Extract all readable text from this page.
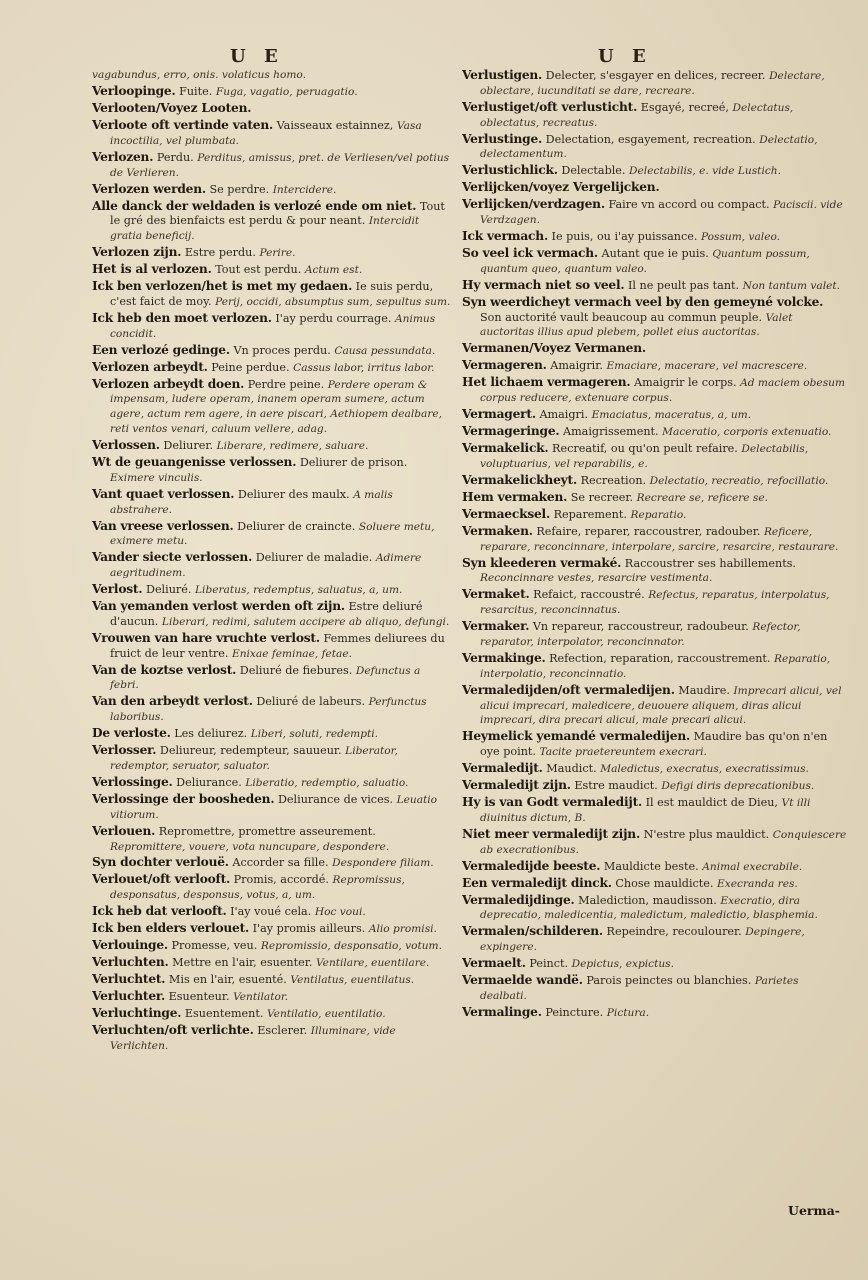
U E	U E

vagabundus, erro, onis. volaticus homo.

Verloopinge. Fuite. Fuga, vagatio, peruagatio.

Verlooten/Voyez Looten.

Verloote oft vertinde vaten. Vaisseaux estainnez, Vasa incoctilia, vel plumbata.

Verlozen. Perdu. Perditus, amissus, pret. de Verliesen/vel potius de Verlieren.

Verlozen werden. Se perdre. Intercidere.

Alle danck der weldaden is verlozé ende om niet. Tout le gré des bienfaicts est perdu & pour neant. Intercidit gratia beneficij.

Verlozen zijn. Estre perdu. Perire.

Het is al verlozen. Tout est perdu. Actum est.

Ick ben verlozen/het is met my gedaen. Ie suis perdu, c'est faict de moy. Perij, occidi, absumptus sum, sepultus sum.

Ick heb den moet verlozen. I'ay perdu courrage. Animus concidit.

Een verlozé gedinge. Vn proces perdu. Causa pessundata.

Verlozen arbeydt. Peine perdue. Cassus labor, irritus labor.

Verlozen arbeydt doen. Perdre peine. Perdere operam & impensam, ludere operam, inanem operam sumere, actum agere, actum rem agere, in aere piscari, Aethiopem dealbare, reti ventos venari, caluum vellere, adag.

Verlossen. Deliurer. Liberare, redimere, saluare.

Wt de geuangenisse verlossen. Deliurer de prison. Eximere vinculis.

Vant quaet verlossen. Deliurer des maulx. A malis abstrahere.

Van vreese verlossen. Deliurer de craincte. Soluere metu, eximere metu.

Vander siecte verlossen. Deliurer de maladie. Adimere aegritudinem.

Verlost. Deliuré. Liberatus, redemptus, saluatus, a, um.

Van yemanden verlost werden oft zijn. Estre deliuré d'aucun. Liberari, redimi, salutem accipere ab aliquo, defungi.

Vrouwen van hare vruchte verlost. Femmes deliurees du fruict de leur ventre. Enixae feminae, fetae.

Van de koztse verlost. Deliuré de fiebures. Defunctus a febri.

Van den arbeydt verlost. Deliuré de labeurs. Perfunctus laboribus.

De verloste. Les deliurez. Liberi, soluti, redempti.

Verlosser. Deliureur, redempteur, sauueur. Liberator, redemptor, seruator, saluator.

Verlossinge. Deliurance. Liberatio, redemptio, saluatio.

Verlossinge der boosheden. Deliurance de vices. Leuatio vitiorum.

Verlouen. Repromettre, promettre asseurement. Repromittere, vouere, vota nuncupare, despondere.

Syn dochter verlouë. Accorder sa fille. Despondere filiam.

Verlouet/oft verlooft. Promis, accordé. Repromissus, desponsatus, desponsus, votus, a, um.

Ick heb dat verlooft. I'ay voué cela. Hoc voui.

Ick ben elders verlouet. I'ay promis ailleurs. Alio promisi.

Verlouinge. Promesse, veu. Repromissio, desponsatio, votum.

Verluchten. Mettre en l'air, esuenter. Ventilare, euentilare.

Verluchtet. Mis en l'air, esuenté. Ventilatus, euentilatus.

Verluchter. Esuenteur. Ventilator.

Verluchtinge. Esuentement. Ventilatio, euentilatio.

Verluchten/oft verlichte. Esclerer. Illuminare, vide Verlichten.

Verlustigen. Delecter, s'esgayer en delices, recreer. Delectare, oblectare, iucunditati se dare, recreare.

Verlustiget/oft verlusticht. Esgayé, recreé, Delectatus, oblectatus, recreatus.

Verlustinge. Delectation, esgayement, recreation. Delectatio, delectamentum.

Verlustichlick. Delectable. Delectabilis, e. vide Lustich.

Verlijcken/voyez Vergelijcken.

Verlijcken/verdzagen. Faire vn accord ou compact. Paciscii. vide Verdzagen.

Ick vermach. Ie puis, ou i'ay puissance. Possum, valeo.

So veel ick vermach. Autant que ie puis. Quantum possum, quantum queo, quantum valeo.

Hy vermach niet so veel. Il ne peult pas tant. Non tantum valet.

Syn weerdicheyt vermach veel by den gemeyné volcke. Son auctorité vault beaucoup au commun peuple. Valet auctoritas illius apud plebem, pollet eius auctoritas.

Vermanen/Voyez Vermanen.

Vermageren. Amaigrir. Emaciare, macerare, vel macrescere.

Het lichaem vermageren. Amaigrir le corps. Ad maciem obesum corpus reducere, extenuare corpus.

Vermagert. Amaigri. Emaciatus, maceratus, a, um.

Vermageringe. Amaigrissement. Maceratio, corporis extenuatio.

Vermakelick. Recreatif, ou qu'on peult refaire. Delectabilis, voluptuarius, vel reparabilis, e.

Vermakelickheyt. Recreation. Delectatio, recreatio, refocillatio.

Hem vermaken. Se recreer. Recreare se, reficere se.

Vermaecksel. Reparement. Reparatio.

Vermaken. Refaire, reparer, raccoustrer, radouber. Reficere, reparare, reconcinnare, interpolare, sarcire, resarcire, restaurare.

Syn kleederen vermaké. Raccoustrer ses habillements. Reconcinnare vestes, resarcire vestimenta.

Vermaket. Refaict, raccoustré. Refectus, reparatus, interpolatus, resarcitus, reconcinnatus.

Vermaker. Vn repareur, raccoustreur, radoubeur. Refector, reparator, interpolator, reconcinnator.

Vermakinge. Refection, reparation, raccoustrement. Reparatio, interpolatio, reconcinnatio.

Vermaledijden/oft vermaledijen. Maudire. Imprecari alicui, vel alicui imprecari, maledicere, deuouere aliquem, diras alicui imprecari, dira precari alicui, male precari alicui.

Heymelick yemandé vermaledijen. Maudire bas qu'on n'en oye point. Tacite praetereuntem execrari.

Vermaledijt. Maudict. Maledictus, execratus, execratissimus.

Vermaledijt zijn. Estre maudict. Defigi diris deprecationibus.

Hy is van Godt vermaledijt. Il est mauldict de Dieu, Vt illi diuinitus dictum, B.

Niet meer vermaledijt zijn. N'estre plus mauldict. Conquiescere ab execrationibus.

Vermaledijde beeste. Mauldicte beste. Animal execrabile.

Een vermaledijt dinck. Chose mauldicte. Execranda res.

Vermaledijdinge. Malediction, maudisson. Execratio, dira deprecatio, maledicentia, maledictum, maledictio, blasphemia.

Vermalen/schilderen. Repeindre, recoulourer. Depingere, expingere.

Vermaelt. Peinct. Depictus, expictus.

Vermaelde wandë. Parois peinctes ou blanchies. Parietes dealbati.

Vermalinge. Peincture. Pictura.

Uerma-
